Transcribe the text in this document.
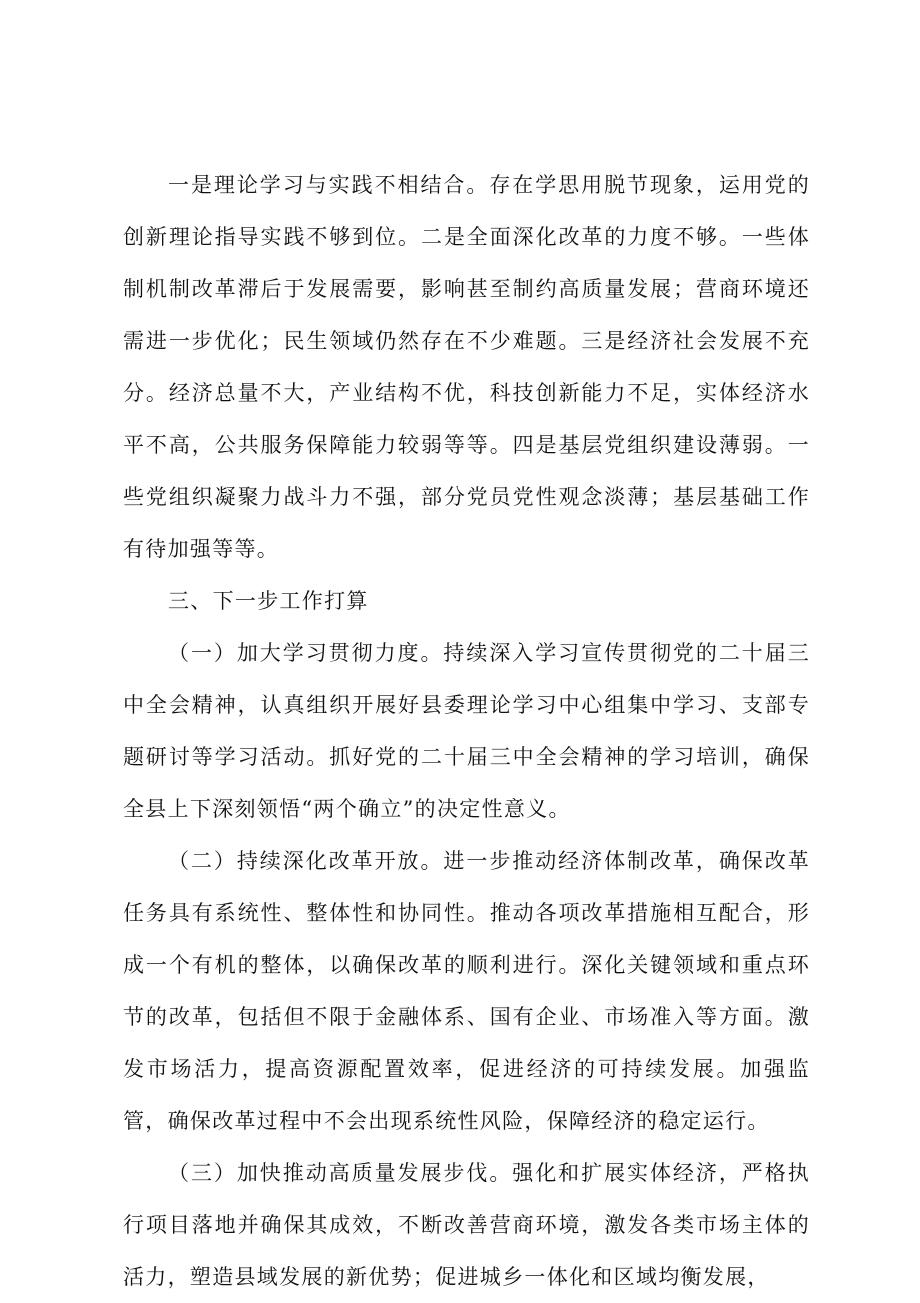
一是理论学习与实践不相结合。存在学思用脱节现象，运用党的创新理论指导实践不够到位。二是全面深化改革的力度不够。一些体制机制改革滞后于发展需要，影响甚至制约高质量发展；营商环境还需进一步优化；民生领域仍然存在不少难题。三是经济社会发展不充分。经济总量不大，产业结构不优，科技创新能力不足，实体经济水平不高，公共服务保障能力较弱等等。四是基层党组织建设薄弱。一些党组织凝聚力战斗力不强，部分党员党性观念淡薄；基层基础工作有待加强等等。

三、下一步工作打算

（一）加大学习贯彻力度。持续深入学习宣传贯彻党的二十届三中全会精神，认真组织开展好县委理论学习中心组集中学习、支部专题研讨等学习活动。抓好党的二十届三中全会精神的学习培训，确保全县上下深刻领悟“两个确立”的决定性意义。

（二）持续深化改革开放。进一步推动经济体制改革，确保改革任务具有系统性、整体性和协同性。推动各项改革措施相互配合，形成一个有机的整体，以确保改革的顺利进行。深化关键领域和重点环节的改革，包括但不限于金融体系、国有企业、市场准入等方面。激发市场活力，提高资源配置效率，促进经济的可持续发展。加强监管，确保改革过程中不会出现系统性风险，保障经济的稳定运行。

（三）加快推动高质量发展步伐。强化和扩展实体经济，严格执行项目落地并确保其成效，不断改善营商环境，激发各类市场主体的活力，塑造县域发展的新优势；促进城乡一体化和区域均衡发展，
